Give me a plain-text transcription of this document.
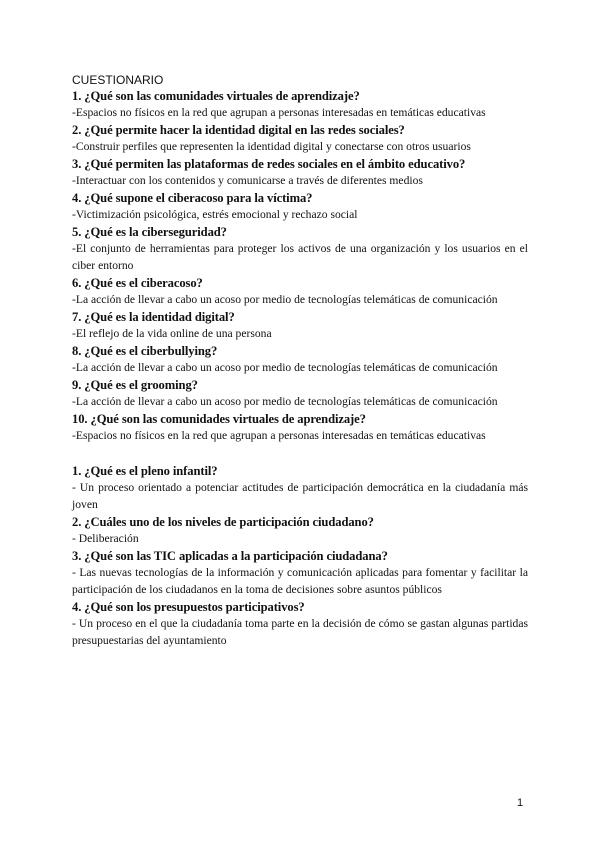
CUESTIONARIO

1. ¿Qué son las comunidades virtuales de aprendizaje?

-Espacios no físicos en la red que agrupan a personas interesadas en temáticas educativas

2. ¿Qué permite hacer la identidad digital en las redes sociales?

-Construir perfiles que representen la identidad digital y conectarse con otros usuarios

3. ¿Qué permiten las plataformas de redes sociales en el ámbito educativo?

-Interactuar con los contenidos y comunicarse a través de diferentes medios

4. ¿Qué supone el ciberacoso para la víctima?

-Victimización psicológica, estrés emocional y rechazo social

5. ¿Qué es la ciberseguridad?

-El conjunto de herramientas para proteger los activos de una organización y los usuarios en el ciber entorno

6. ¿Qué es el ciberacoso?

-La acción de llevar a cabo un acoso por medio de tecnologías telemáticas de comunicación

7. ¿Qué es la identidad digital?

-El reflejo de la vida online de una persona

8. ¿Qué es el ciberbullying?

-La acción de llevar a cabo un acoso por medio de tecnologías telemáticas de comunicación

9. ¿Qué es el grooming?

-La acción de llevar a cabo un acoso por medio de tecnologías telemáticas de comunicación

10. ¿Qué son las comunidades virtuales de aprendizaje?

-Espacios no físicos en la red que agrupan a personas interesadas en temáticas educativas

1. ¿Qué es el pleno infantil?

- Un proceso orientado a potenciar actitudes de participación democrática en la ciudadanía más joven

2. ¿Cuáles uno de los niveles de participación ciudadano?

- Deliberación

3. ¿Qué son las TIC aplicadas a la participación ciudadana?

- Las nuevas tecnologías de la información y comunicación aplicadas para fomentar y facilitar la participación de los ciudadanos en la toma de decisiones sobre asuntos públicos

4. ¿Qué son los presupuestos participativos?

- Un proceso en el que la ciudadanía toma parte en la decisión de cómo se gastan algunas partidas presupuestarias del ayuntamiento

1
